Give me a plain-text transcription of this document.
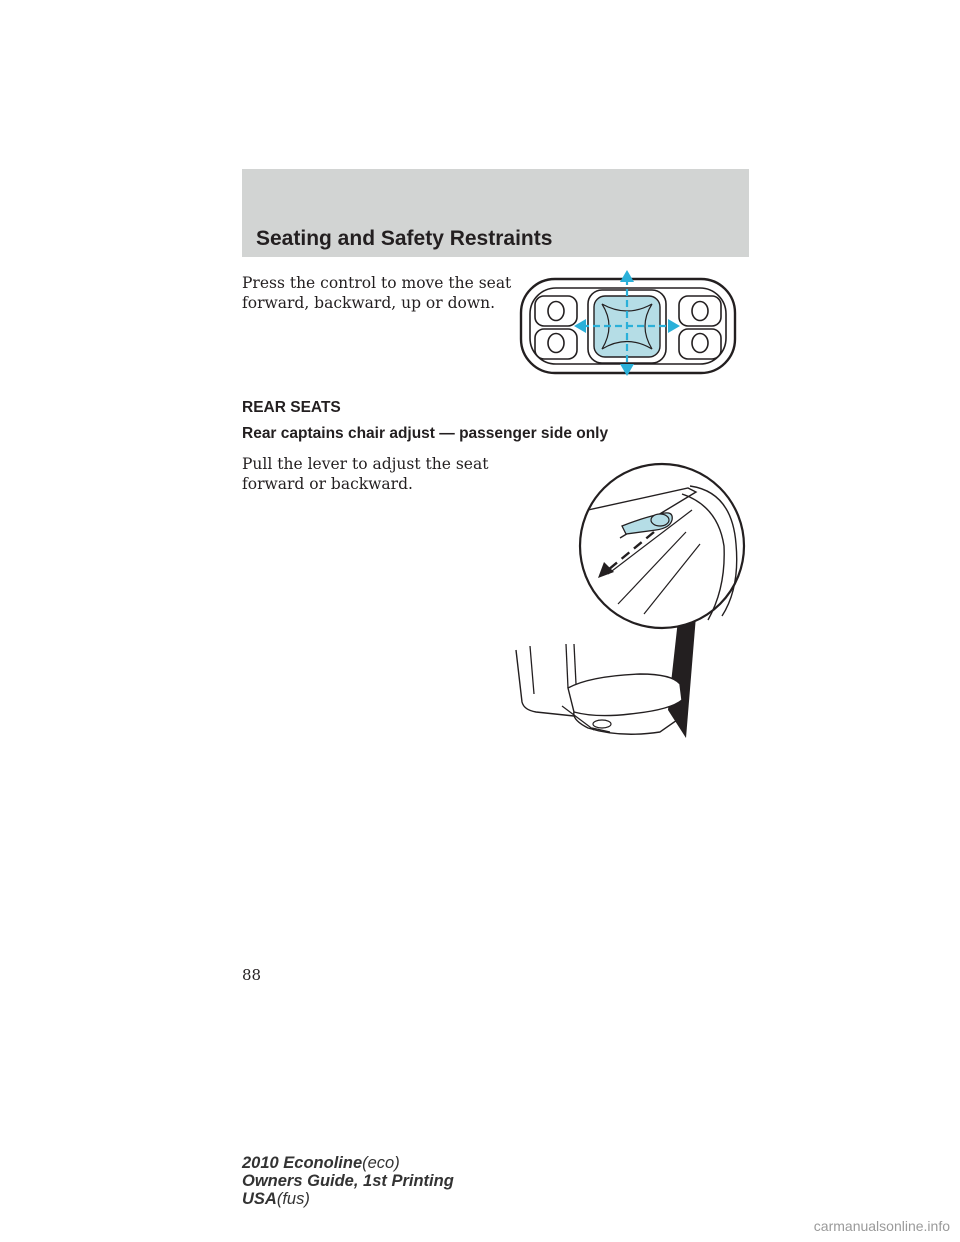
Seating and Safety Restraints
Press the control to move the seat
forward, backward, up or down.
REAR SEATS
Rear captains chair adjust — passenger side only
Pull the lever to adjust the seat
forward or backward.
88
2010 Econoline(eco)
Owners Guide, 1st Printing
USA(fus)
carmanualsonline.info
